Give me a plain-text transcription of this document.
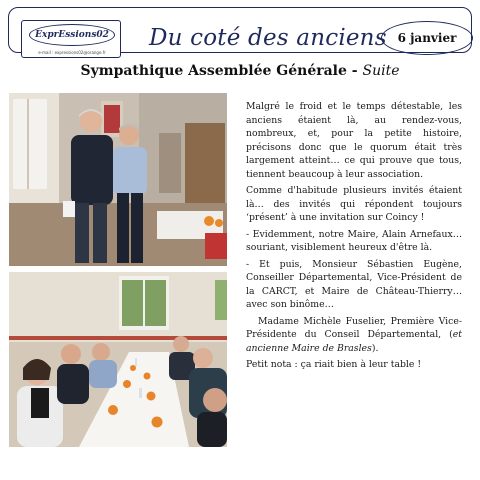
ExprEssions02
e-mail : expressions02@orange.fr
Du coté des anciens 6 janvier
Sympathique Assemblée Générale - Suite

Malgré le froid et le temps détestable, les anciens étaient là, au rendez-vous, nombreux, et, pour la petite histoire, précisons donc que le quorum était très largement atteint… ce qui prouve que tous, tiennent beaucoup à leur association.

Comme d'habitude plusieurs invités étaient là… des invités qui répondent toujours ‘présent’ à une invitation sur Coincy !

- Evidemment, notre Maire, Alain Arnefaux… souriant, visiblement heureux d'être là.

- Et puis, Monsieur Sébastien Eugène, Conseiller Départemental, Vice-Président de la CARCT, et Maire de Château-Thierry… avec son binôme…

Madame Michèle Fuselier, Première Vice-Présidente du Conseil Départemental, (et ancienne Maire de Brasles).

Petit nota : ça riait bien à leur table !
